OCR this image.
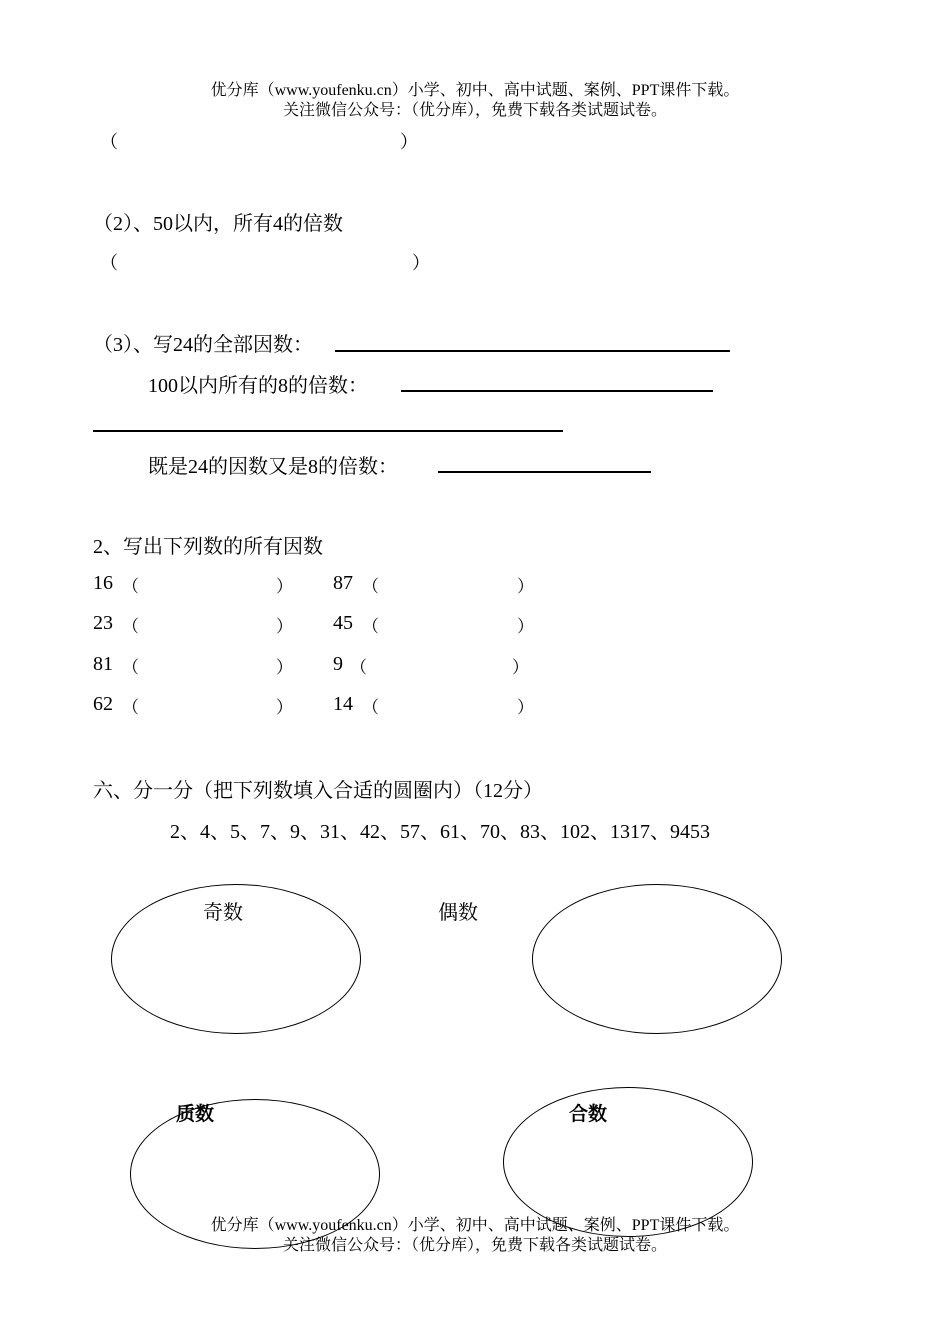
优分库（www.youfenku.cn）小学、初中、高中试题、案例、PPT课件下载。
关注微信公众号：（优分库），免费下载各类试题试卷。
（	）
（2）、50以内，所有4的倍数
（	）
（3）、写24的全部因数：
100以内所有的8的倍数：
既是24的因数又是8的倍数：
2、写出下列数的所有因数
16 （	） 87 （	）
23 （	） 45 （	）
81 （	） 9 （	）
62 （	） 14 （	）
六、分一分（把下列数填入合适的圆圈内）（12分）
2、4、5、7、9、31、42、57、61、70、83、102、1317、9453
奇数	偶数
质数	合数
优分库（www.youfenku.cn）小学、初中、高中试题、案例、PPT课件下载。
关注微信公众号：（优分库），免费下载各类试题试卷。
